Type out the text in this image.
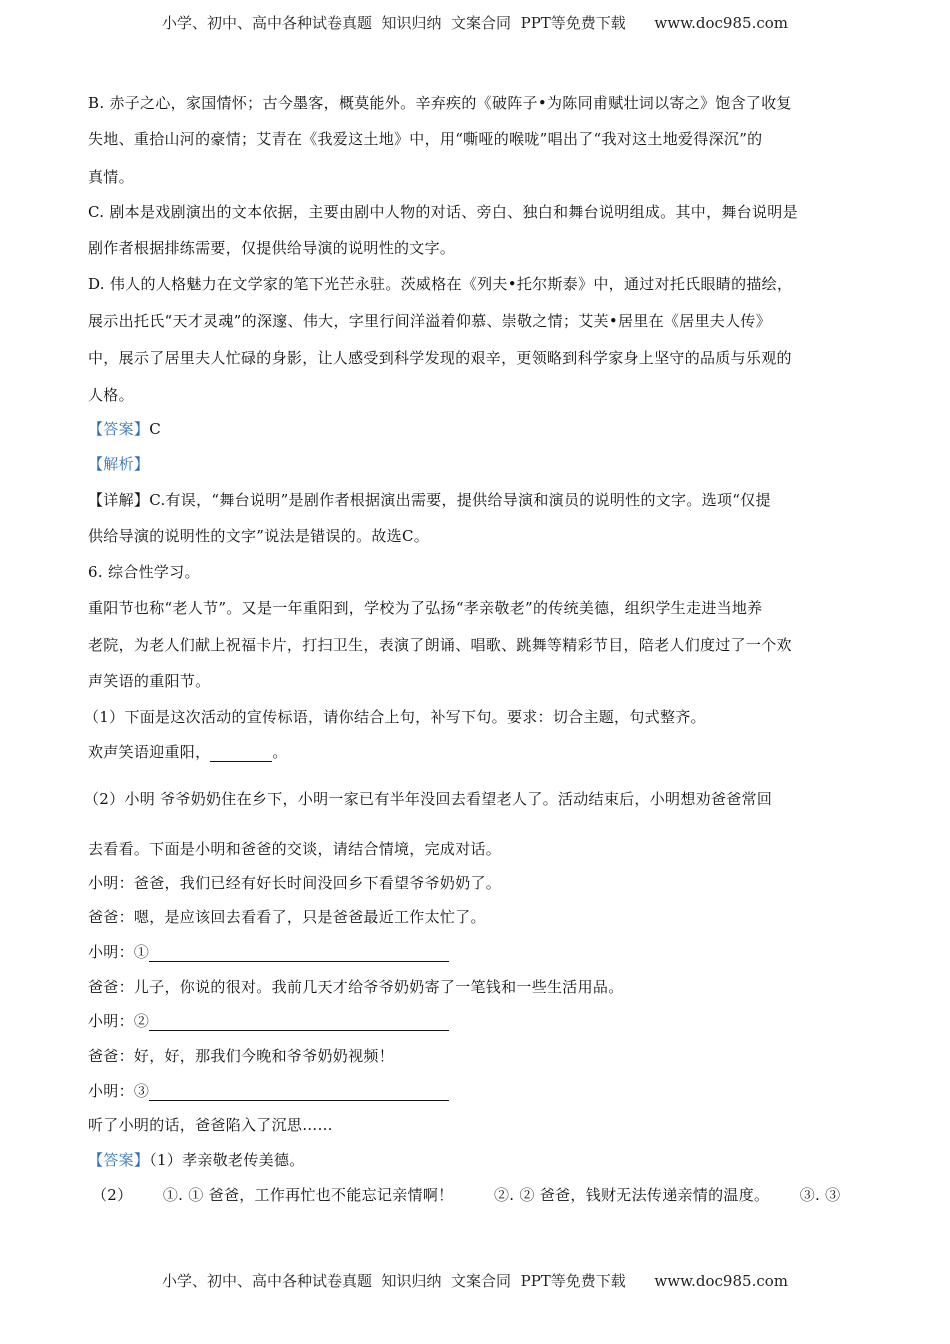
小学、初中、高中各种试卷真题  知识归纳  文案合同  PPT等免费下载      www.doc985.com
B. 赤子之心，家国情怀；古今墨客，概莫能外。辛弃疾的《破阵子•为陈同甫赋壮词以寄之》饱含了收复
失地、重拾山河的豪情；艾青在《我爱这土地》中，用“嘶哑的喉咙”唱出了“我对这土地爱得深沉”的
真情。
C. 剧本是戏剧演出的文本依据，主要由剧中人物的对话、旁白、独白和舞台说明组成。其中，舞台说明是
剧作者根据排练需要，仅提供给导演的说明性的文字。
D. 伟人的人格魅力在文学家的笔下光芒永驻。茨威格在《列夫•托尔斯泰》中，通过对托氏眼睛的描绘，
展示出托氏“天才灵魂”的深邃、伟大，字里行间洋溢着仰慕、崇敬之情；艾芙•居里在《居里夫人传》
中，展示了居里夫人忙碌的身影，让人感受到科学发现的艰辛，更领略到科学家身上坚守的品质与乐观的
人格。
【答案】C
【解析】
【详解】C.有误，“舞台说明”是剧作者根据演出需要，提供给导演和演员的说明性的文字。选项“仅提
供给导演的说明性的文字”说法是错误的。故选C。
6. 综合性学习。
重阳节也称“老人节”。又是一年重阳到，学校为了弘扬“孝亲敬老”的传统美德，组织学生走进当地养
老院，为老人们献上祝福卡片，打扫卫生，表演了朗诵、唱歌、跳舞等精彩节目，陪老人们度过了一个欢
声笑语的重阳节。
（1）下面是这次活动的宣传标语，请你结合上句，补写下句。要求：切合主题，句式整齐。
欢声笑语迎重阳，	。
（2）小明 爷爷奶奶住在乡下，小明一家已有半年没回去看望老人了。活动结束后，小明想劝爸爸常回
去看看。下面是小明和爸爸的交谈，请结合情境，完成对话。
小明：爸爸，我们已经有好长时间没回乡下看望爷爷奶奶了。
爸爸：嗯，是应该回去看看了，只是爸爸最近工作太忙了。
小明：①
爸爸：儿子，你说的很对。我前几天才给爷爷奶奶寄了一笔钱和一些生活用品。
小明：②
爸爸：好，好，那我们今晚和爷爷奶奶视频！
小明：③
听了小明的话，爸爸陷入了沉思……
【答案】（1）孝亲敬老传美德。
（2）      ①. ① 爸爸，工作再忙也不能忘记亲情啊！        ②. ② 爸爸，钱财无法传递亲情的温度。      ③. ③
小学、初中、高中各种试卷真题  知识归纳  文案合同  PPT等免费下载      www.doc985.com
